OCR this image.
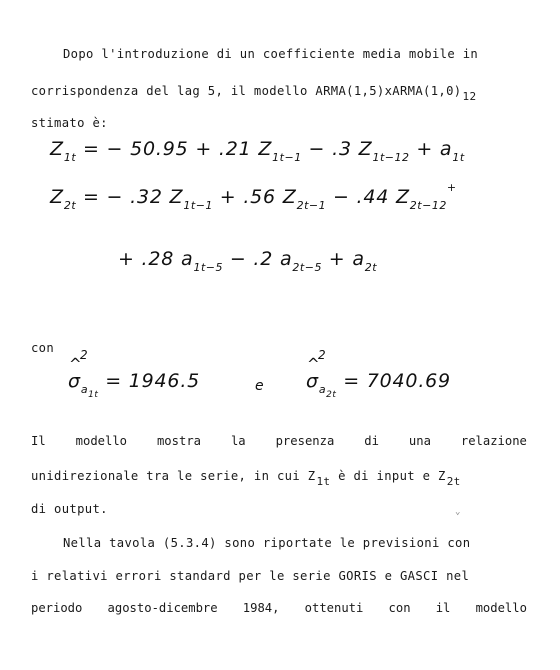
Dopo l'introduzione di un coefficiente media mobile in
corrispondenza del lag 5, il modello ARMA(1,5)xARMA(1,0)12
stimato è:
$Z_{1t}$ = − 50.95 + .21 $Z_{1t-1} - .3$ $Z_{1t-12} + a_{1t}$
$Z_{2t}$ = − .32 $Z_{1t-1} + .56$ $Z_{2t-1} - .44$ $Z_{2t-12}^+$
+ .28 $a_{1t-5} - .2$ $a_{2t-5} + a_{2t}$
con
^
2
$\sigma_{a1t} = 1946.5$	e
^
2
$\sigma_{a2t} = 7040.69$
Il modello mostra la presenza di una relazione
unidirezionale tra le serie, in cui Z1t è di input e Z2t
di output.	⌄
Nella tavola (5.3.4) sono riportate le previsioni con
i relativi errori standard per le serie GORIS e GASCI nel
periodo agosto-dicembre 1984, ottenuti con il modello
